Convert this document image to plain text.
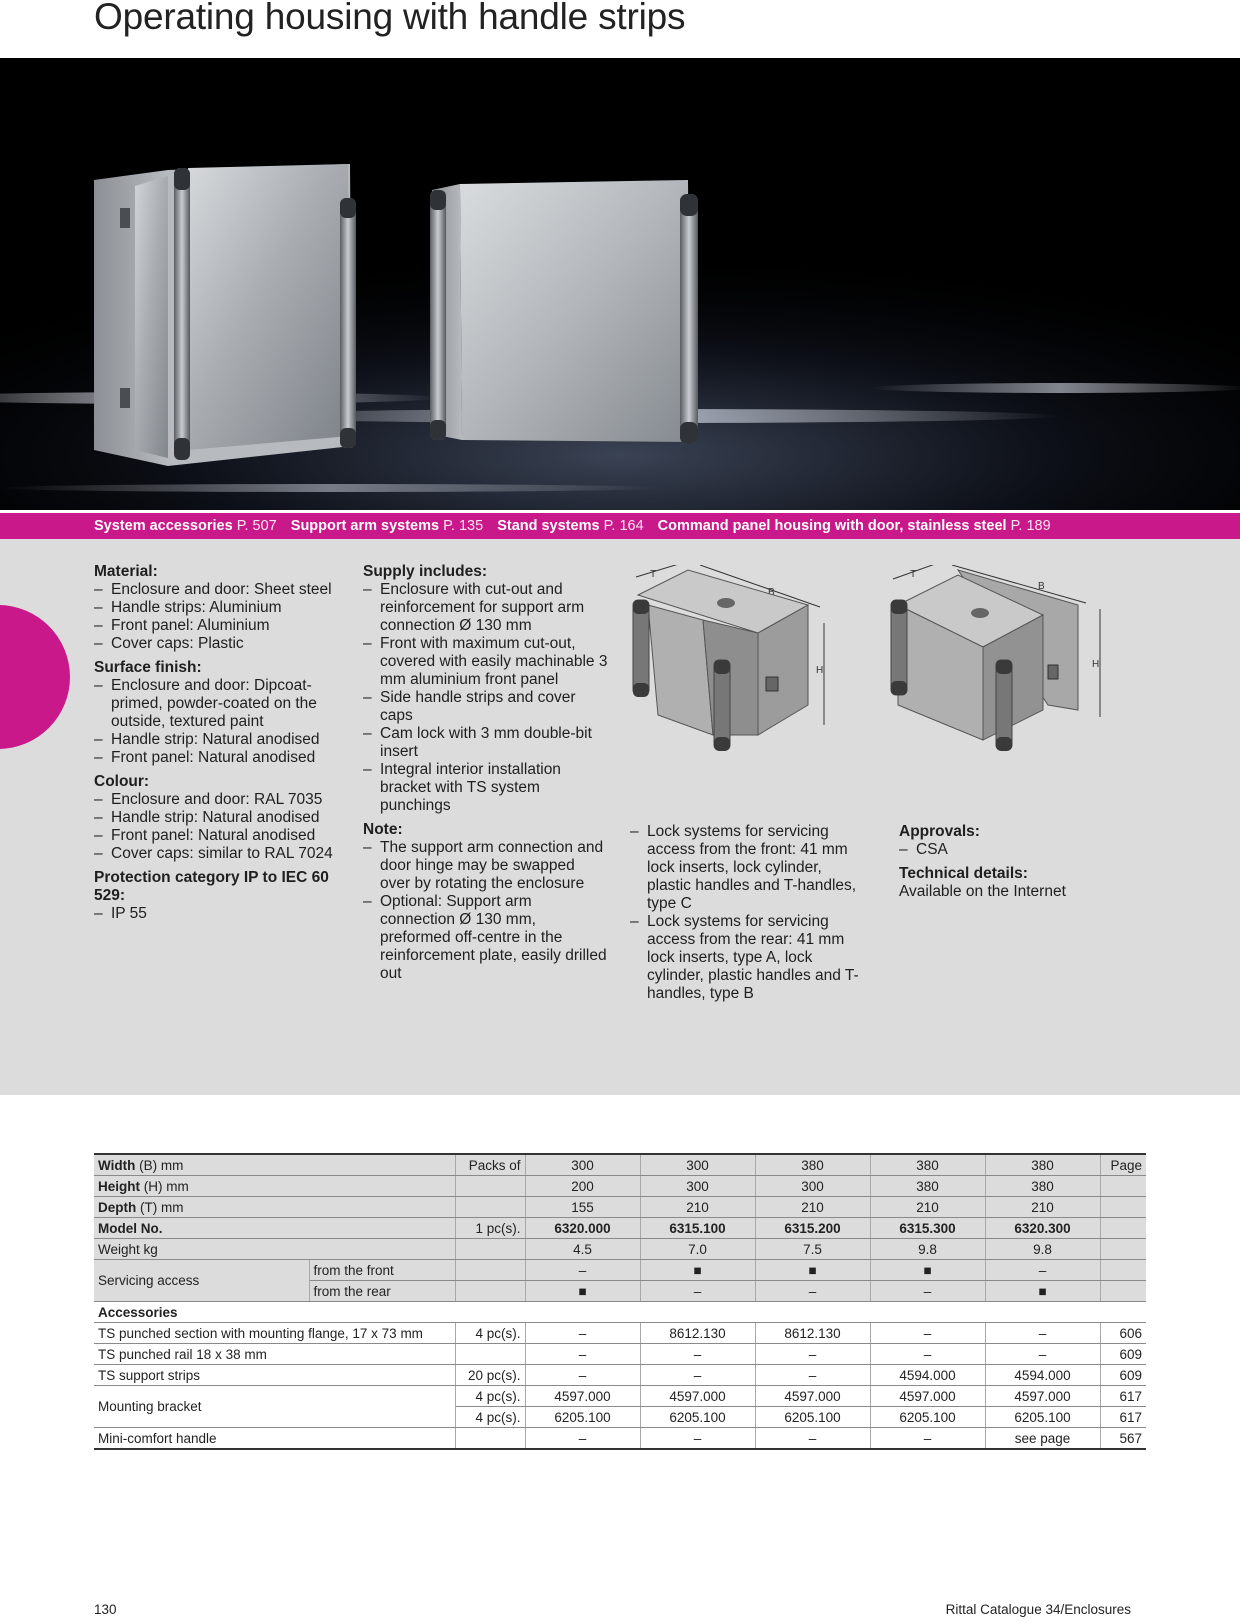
Operating housing with handle strips
System accessories P. 507 Support arm systems P. 135 Stand systems P. 164 Command panel housing with door, stainless steel P. 189
Material:
– Enclosure and door: Sheet steel
– Handle strips: Aluminium
– Front panel: Aluminium
– Cover caps: Plastic
Surface finish:
– Enclosure and door: Dipcoat-primed, powder-coated on the outside, textured paint
– Handle strip: Natural anodised
– Front panel: Natural anodised
Colour:
– Enclosure and door: RAL 7035
– Handle strip: Natural anodised
– Front panel: Natural anodised
– Cover caps: similar to RAL 7024
Protection category IP to IEC 60 529:
– IP 55
Supply includes:
– Enclosure with cut-out and reinforcement for support arm connection Ø 130 mm
– Front with maximum cut-out, covered with easily machinable 3 mm aluminium front panel
– Side handle strips and cover caps
– Cam lock with 3 mm double-bit insert
– Integral interior installation bracket with TS system punchings
Note:
– The support arm connection and door hinge may be swapped over by rotating the enclosure
– Optional: Support arm connection Ø 130 mm, preformed off-centre in the reinforcement plate, easily drilled out
T
B
H
– Lock systems for servicing access from the front: 41 mm lock inserts, lock cylinder, plastic handles and T-handles, type C
– Lock systems for servicing access from the rear: 41 mm lock inserts, type A, lock cylinder, plastic handles and T-handles, type B
T
B
H
Approvals:
– CSA
Technical details:

Available on the Internet

Width (B) mm		Packs of	300	300	380	380	380	Page
Height (H) mm			200	300	300	380	380	
Depth (T) mm			155	210	210	210	210	
Model No.		1 pc(s).	6320.000	6315.100	6315.200	6315.300	6320.300	
Weight kg			4.5	7.0	7.5	9.8	9.8	
Servicing access	from the front		–	■	■	■	–	
	from the rear		■	–	–	–	■	
Accessories								
TS punched section with mounting flange, 17 x 73 mm		4 pc(s).	–	8612.130	8612.130	–	–	606
TS punched rail 18 x 38 mm			–	–	–	–	–	609
TS support strips		20 pc(s).	–	–	–	4594.000	4594.000	609
Mounting bracket		4 pc(s).	4597.000	4597.000	4597.000	4597.000	4597.000	617
		4 pc(s).	6205.100	6205.100	6205.100	6205.100	6205.100	617
Mini-comfort handle			–	–	–	–	see page	567
130	Rittal Catalogue 34/Enclosures
